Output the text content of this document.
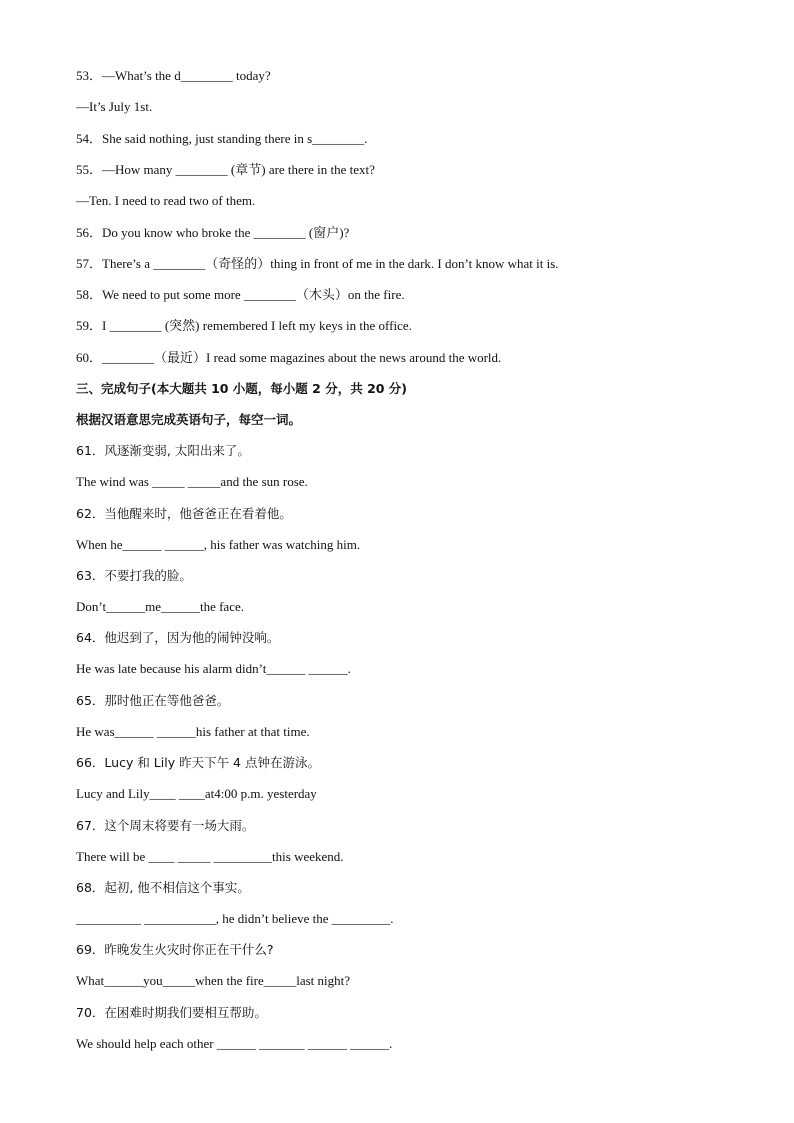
53．—What’s the d________ today?
—It’s July 1st.
54．She said nothing, just standing there in s________.
55．—How many ________ (章节) are there in the text?
—Ten. I need to read two of them.
56．Do you know who broke the ________ (窗户)?
57．There’s a ________（奇怪的）thing in front of me in the dark. I don’t know what it is.
58．We need to put some more ________（木头）on the fire.
59．I ________ (突然) remembered I left my keys in the office.
60．________（最近）I read some magazines about the news around the world.
三、完成句子(本大题共 10 小题，每小题 2 分，共 20 分)
根据汉语意思完成英语句子，每空一词。
61．风逐渐变弱, 太阳出来了。
The wind was _____ _____and the sun rose.
62．当他醒来时，他爸爸正在看着他。
When he______ ______, his father was watching him.
63．不要打我的脸。
Don’t______me______the face.
64．他迟到了，因为他的闹钟没响。
He was late because his alarm didn’t______ ______.
65．那时他正在等他爸爸。
He was______ ______his father at that time.
66．Lucy 和 Lily 昨天下午 4 点钟在游泳。
Lucy and Lily____ ____at4:00 p.m. yesterday
67．这个周末将要有一场大雨。
There will be ____ _____ _________this weekend.
68．起初, 他不相信这个事实。
__________ ___________, he didn’t believe the _________.
69．昨晚发生火灾时你正在干什么?
What______you_____when the fire_____last night?
70．在困难时期我们要相互帮助。
We should help each other ______ _______ ______ ______.
